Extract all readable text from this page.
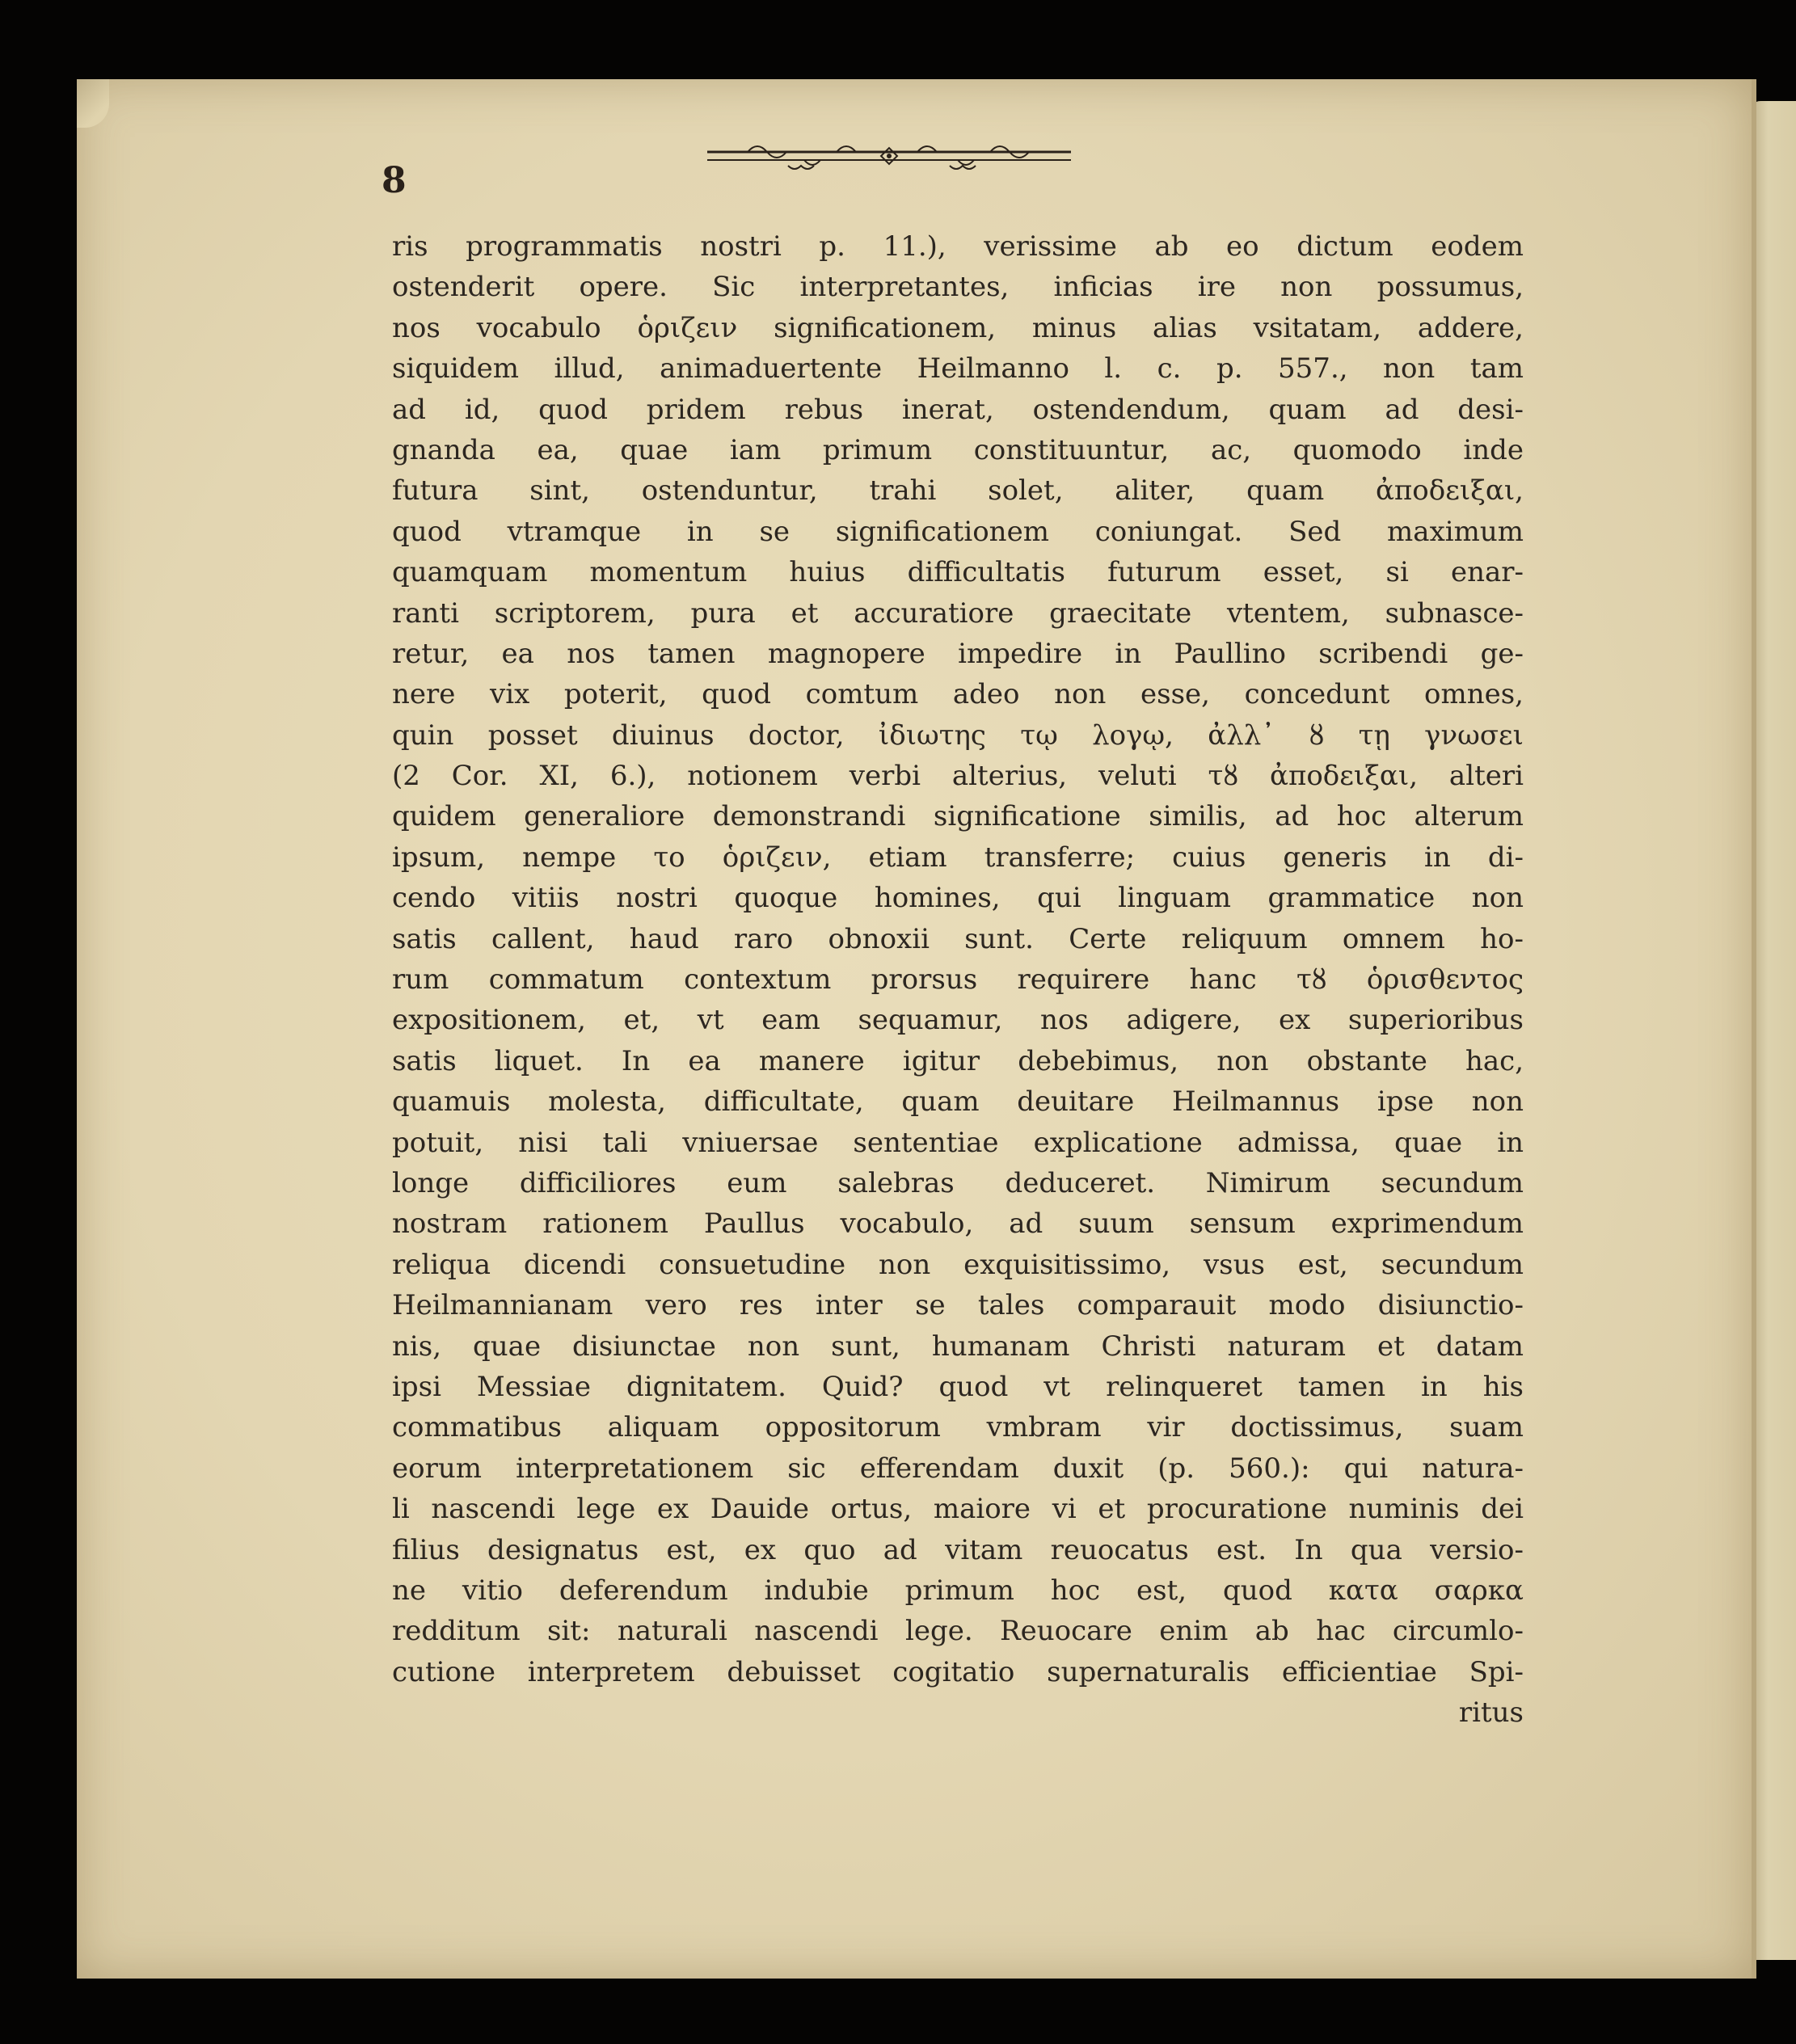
8
ris programmatis nostri p. 11.), verissime ab eo dictum eodem
ostenderit opere. Sic interpretantes, inficias ire non possumus,
nos vocabulo ὁριζειν significationem, minus alias vsitatam, addere,
siquidem illud, animaduertente Heilmanno l. c. p. 557., non tam
ad id, quod pridem rebus inerat, ostendendum, quam ad desi-
gnanda ea, quae iam primum constituuntur, ac, quomodo inde
futura sint, ostenduntur, trahi solet, aliter, quam ἀποδειξαι,
quod vtramque in se significationem coniungat. Sed maximum
quamquam momentum huius difficultatis futurum esset, si enar-
ranti scriptorem, pura et accuratiore graecitate vtentem, subnasce-
retur, ea nos tamen magnopere impedire in Paullino scribendi ge-
nere vix poterit, quod comtum adeo non esse, concedunt omnes,
quin posset diuinus doctor, ἰδιωτης τῳ λογῳ, ἀλλ᾽ ȣ τῃ γνωσει
(2 Cor. XI, 6.), notionem verbi alterius, veluti τȣ ἀποδειξαι, alteri
quidem generaliore demonstrandi significatione similis, ad hoc alterum
ipsum, nempe το ὁριζειν, etiam transferre; cuius generis in di-
cendo vitiis nostri quoque homines, qui linguam grammatice non
satis callent, haud raro obnoxii sunt. Certe reliquum omnem ho-
rum commatum contextum prorsus requirere hanc τȣ ὁρισθεντος
expositionem, et, vt eam sequamur, nos adigere, ex superioribus
satis liquet. In ea manere igitur debebimus, non obstante hac,
quamuis molesta, difficultate, quam deuitare Heilmannus ipse non
potuit, nisi tali vniuersae sententiae explicatione admissa, quae in
longe difficiliores eum salebras deduceret. Nimirum secundum
nostram rationem Paullus vocabulo, ad suum sensum exprimendum
reliqua dicendi consuetudine non exquisitissimo, vsus est, secundum
Heilmannianam vero res inter se tales comparauit modo disiunctio-
nis, quae disiunctae non sunt, humanam Christi naturam et datam
ipsi Messiae dignitatem. Quid? quod vt relinqueret tamen in his
commatibus aliquam oppositorum vmbram vir doctissimus, suam
eorum interpretationem sic efferendam duxit (p. 560.): qui natura-
li nascendi lege ex Dauide ortus, maiore vi et procuratione numinis dei
filius designatus est, ex quo ad vitam reuocatus est. In qua versio-
ne vitio deferendum indubie primum hoc est, quod κατα σαρκα
redditum sit: naturali nascendi lege. Reuocare enim ab hac circumlo-
cutione interpretem debuisset cogitatio supernaturalis efficientiae Spi-
ritus
